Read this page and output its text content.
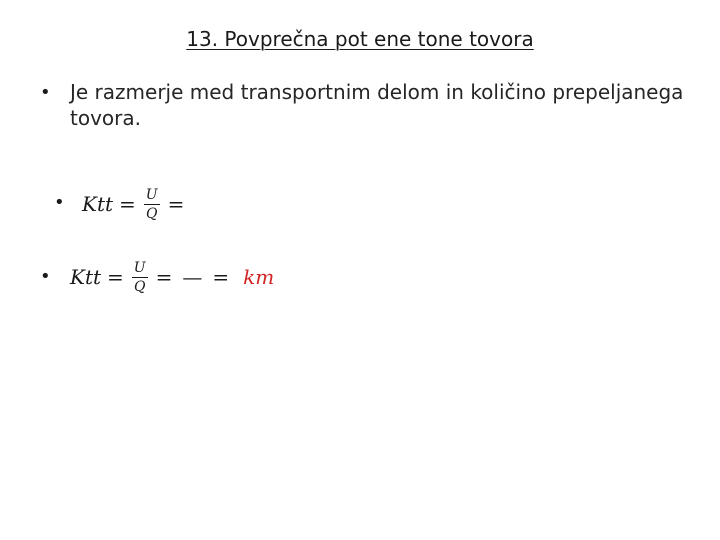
13. Povprečna pot ene tone tovora
• Je razmerje med transportnim delom in količino prepeljanega tovora.
• Ktt = $\frac{U}{Q}$ =
• Ktt = $\frac{U}{Q}$ = — = km
